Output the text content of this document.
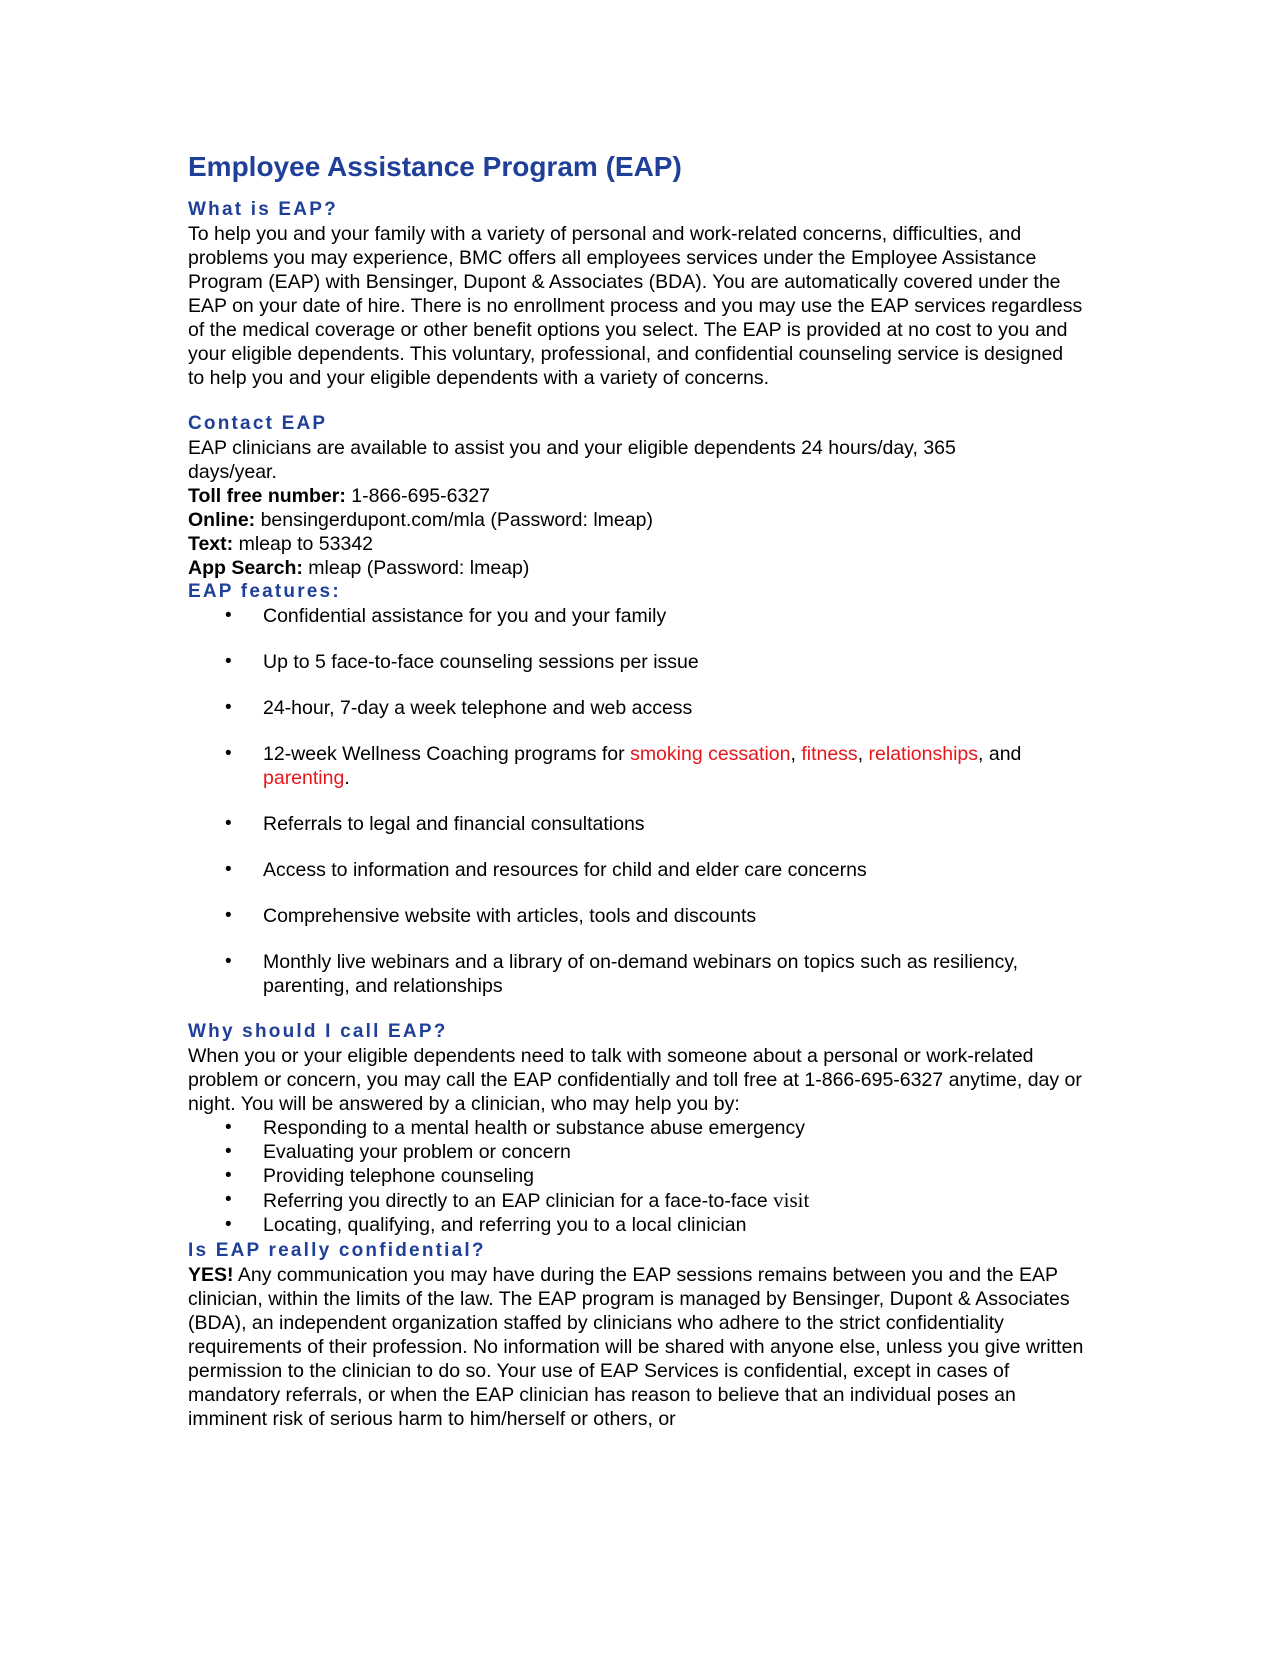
Employee Assistance Program (EAP)
What is EAP?

To help you and your family with a variety of personal and work-related concerns, difficulties, and problems you may experience, BMC offers all employees services under the Employee Assistance Program (EAP) with Bensinger, Dupont & Associates (BDA). You are automatically covered under the EAP on your date of hire. There is no enrollment process and you may use the EAP services regardless of the medical coverage or other benefit options you select. The EAP is provided at no cost to you and your eligible dependents. This voluntary, professional, and confidential counseling service is designed to help you and your eligible dependents with a variety of concerns.

Contact EAP

EAP clinicians are available to assist you and your eligible dependents 24 hours/day, 365 days/year.

Toll free number: 1-866-695-6327

Online: bensingerdupont.com/mla (Password: lmeap)

Text: mleap to 53342

App Search: mleap (Password: lmeap)

EAP features:
• Confidential assistance for you and your family
• Up to 5 face-to-face counseling sessions per issue
• 24-hour, 7-day a week telephone and web access
• 12-week Wellness Coaching programs for smoking cessation, fitness, relationships, and parenting.
• Referrals to legal and financial consultations
• Access to information and resources for child and elder care concerns
• Comprehensive website with articles, tools and discounts
• Monthly live webinars and a library of on-demand webinars on topics such as resiliency, parenting, and relationships
Why should I call EAP?

When you or your eligible dependents need to talk with someone about a personal or work-related problem or concern, you may call the EAP confidentially and toll free at 1-866-695-6327 anytime, day or night. You will be answered by a clinician, who may help you by:

• Responding to a mental health or substance abuse emergency
• Evaluating your problem or concern
• Providing telephone counseling
• Referring you directly to an EAP clinician for a face-to-face visit
• Locating, qualifying, and referring you to a local clinician
Is EAP really confidential?

YES! Any communication you may have during the EAP sessions remains between you and the EAP clinician, within the limits of the law. The EAP program is managed by Bensinger, Dupont & Associates (BDA), an independent organization staffed by clinicians who adhere to the strict confidentiality requirements of their profession. No information will be shared with anyone else, unless you give written permission to the clinician to do so. Your use of EAP Services is confidential, except in cases of mandatory referrals, or when the EAP clinician has reason to believe that an individual poses an imminent risk of serious harm to him/herself or others, or
